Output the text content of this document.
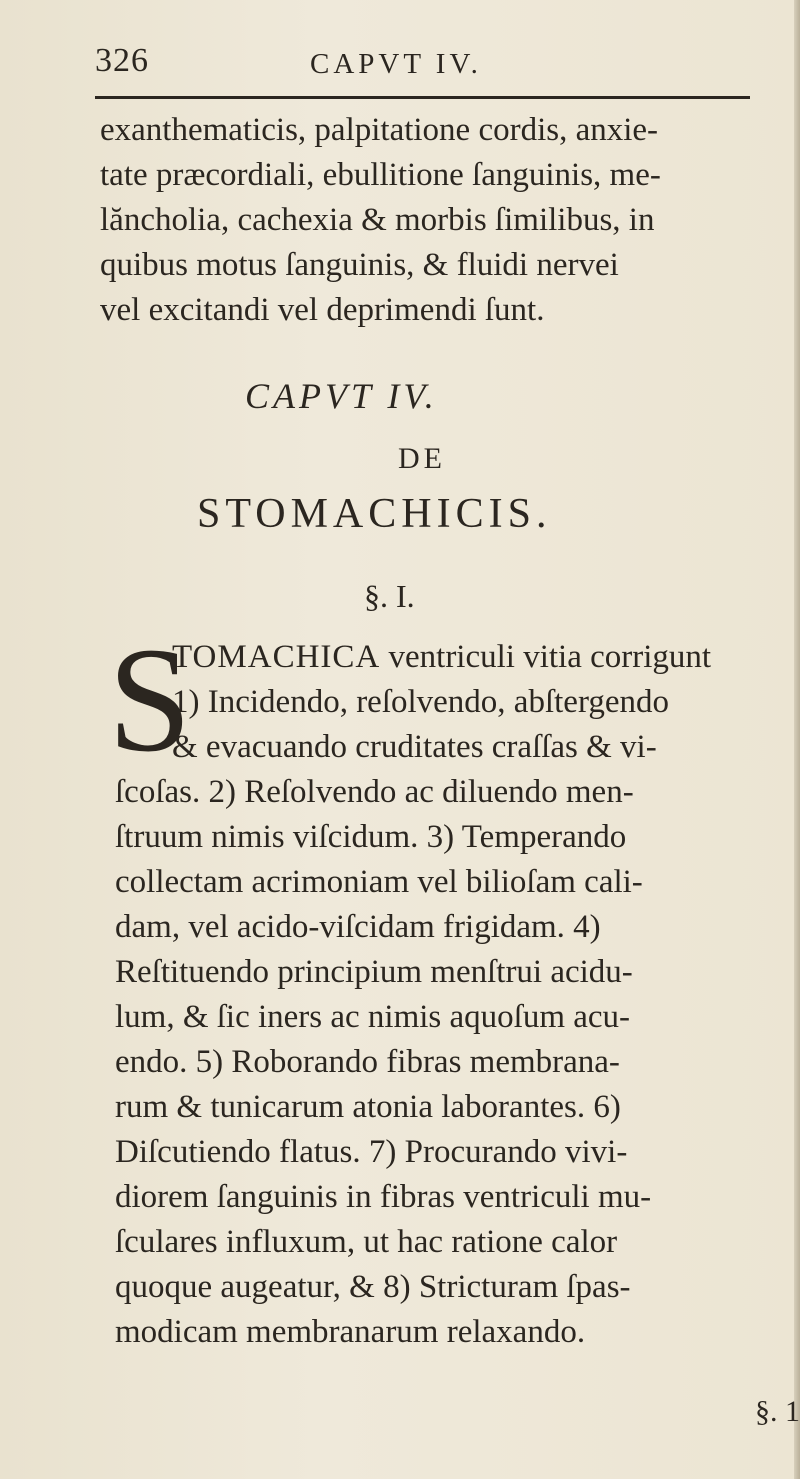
326	CAPVT IV.
exanthematicis, palpitatione cordis, anxie-
tate præcordiali, ebullitione ſanguinis, me-
lăncholia, cachexia & morbis ſimilibus, in
quibus motus ſanguinis, & fluidi nervei
vel excitandi vel deprimendi ſunt.
CAPVT IV.
DE
STOMACHICIS.
§. I.
S
TOMACHICA ventriculi vitia corrigunt
1) Incidendo, reſolvendo, abſtergendo
& evacuando cruditates craſſas & vi-
ſcoſas. 2) Reſolvendo ac diluendo men-
ſtruum nimis viſcidum. 3) Temperando
collectam acrimoniam vel bilioſam cali-
dam, vel acido-viſcidam frigidam. 4)
Reſtituendo principium menſtrui acidu-
lum, & ſic iners ac nimis aquoſum acu-
endo. 5) Roborando fibras membrana-
rum & tunicarum atonia laborantes. 6)
Diſcutiendo flatus. 7) Procurando vivi-
diorem ſanguinis in fibras ventriculi mu-
ſculares influxum, ut hac ratione calor
quoque augeatur, & 8) Stricturam ſpas-
modicam membranarum relaxando.
§. 1
